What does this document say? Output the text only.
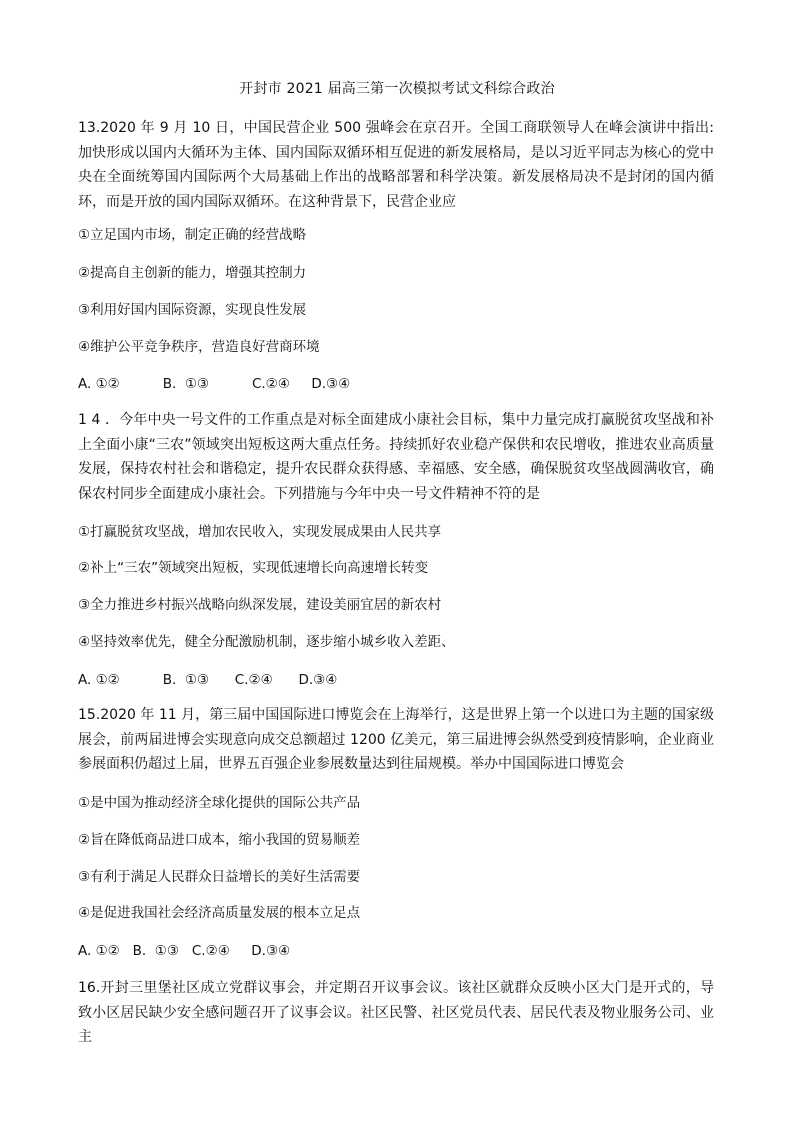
开封市 2021 届高三第一次模拟考试文科综合政治

13.2020 年 9 月 10 日，中国民营企业 500 强峰会在京召开。全国工商联领导人在峰会演讲中指出:加快形成以国内大循环为主体、国内国际双循环相互促进的新发展格局，是以习近平同志为核心的党中央在全面统筹国内国际两个大局基础上作出的战略部署和科学决策。新发展格局决不是封闭的国内循环，而是开放的国内国际双循环。在这种背景下，民营企业应

①立足国内市场，制定正确的经营战略

②提高自主创新的能力，增强其控制力

③利用好国内国际资源，实现良性发展

④维护公平竞争秩序，营造良好营商环境

A. ①②          B.  ①③          C.②④     D.③④

1 4 ．今年中央一号文件的工作重点是对标全面建成小康社会目标，集中力量完成打赢脱贫攻坚战和补上全面小康“三农”领域突出短板这两大重点任务。持续抓好农业稳产保供和农民增收，推进农业高质量发展，保持农村社会和谐稳定，提升农民群众获得感、幸福感、安全感，确保脱贫攻坚战圆满收官，确保农村同步全面建成小康社会。下列措施与今年中央一号文件精神不符的是

①打赢脱贫攻坚战，增加农民收入，实现发展成果由人民共享

②补上“三农”领域突出短板，实现低速增长向高速增长转变

③全力推进乡村振兴战略向纵深发展，建设美丽宜居的新农村

④坚持效率优先，健全分配激励机制，逐步缩小城乡收入差距、

A. ①②          B.  ①③      C.②④      D.③④

15.2020 年 11 月，第三届中国国际进口博览会在上海举行，这是世界上第一个以进口为主题的国家级展会，前两届进博会实现意向成交总额超过 1200 亿美元，第三届进博会纵然受到疫情影响，企业商业参展面积仍超过上届，世界五百强企业参展数量达到往届规模。举办中国国际进口博览会

①是中国为推动经济全球化提供的国际公共产品

②旨在降低商品进口成本，缩小我国的贸易顺差

③有利于满足人民群众日益增长的美好生活需要

④是促进我国社会经济高质量发展的根本立足点

A. ①②   B.  ①③   C.②④     D.③④

16.开封三里堡社区成立党群议事会，并定期召开议事会议。该社区就群众反映小区大门是开式的，导致小区居民缺少安全感问题召开了议事会议。社区民警、社区党员代表、居民代表及物业服务公司、业主
